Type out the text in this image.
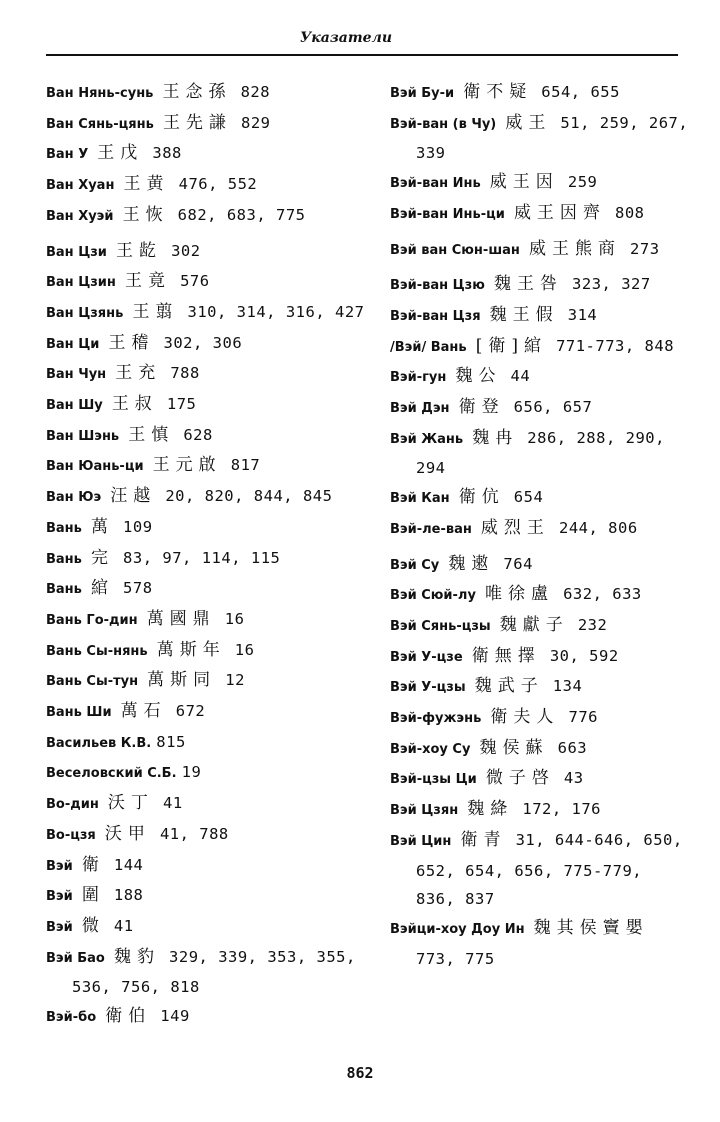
Указатели
Ван Нянь-сунь 王念孫 828
Ван Сянь-цянь 王先謙 829
Ван У 王戊 388
Ван Хуан 王黄 476, 552
Ван Хуэй 王恢 682, 683, 775
Ван Цзи 王龁 302
Ван Цзин 王竟 576
Ван Цзянь 王翦 310, 314, 316, 427
Ван Ци 王稽 302, 306
Ван Чун 王充 788
Ван Шу 王叔 175
Ван Шэнь 王慎 628
Ван Юань-ци 王元啟 817
Ван Юэ 汪越 20, 820, 844, 845
Вань 萬 109
Вань 完 83, 97, 114, 115
Вань 綰 578
Вань Го-дин 萬國鼎 16
Вань Сы-нянь 萬斯年 16
Вань Сы-тун 萬斯同 12
Вань Ши 萬石 672
Васильев К.В. 815
Веселовский С.Б. 19
Во-дин 沃丁 41
Во-цзя 沃甲 41, 788
Вэй 衛 144
Вэй 圍 188
Вэй 微 41
Вэй Бао 魏豹 329, 339, 353, 355, 536, 756, 818
Вэй-бо 衛伯 149
Вэй Бу-и 衛不疑 654, 655
Вэй-ван (в Чу) 威王 51, 259, 267, 339
Вэй-ван Инь 威王因 259
Вэй-ван Инь-ци 威王因齊 808
Вэй ван Сюн-шан 威王熊商 273
Вэй-ван Цзю 魏王咎 323, 327
Вэй-ван Цзя 魏王假 314
/Вэй/ Вань [衛]綰 771-773, 848
Вэй-гун 魏公 44
Вэй Дэн 衛登 656, 657
Вэй Жань 魏冉 286, 288, 290, 294
Вэй Кан 衛伉 654
Вэй-ле-ван 威烈王 244, 806
Вэй Су 魏遫 764
Вэй Сюй-лу 唯徐盧 632, 633
Вэй Сянь-цзы 魏獻子 232
Вэй У-цзе 衛無擇 30, 592
Вэй У-цзы 魏武子 134
Вэй-фужэнь 衛夫人 776
Вэй-хоу Су 魏侯蘇 663
Вэй-цзы Ци 微子啓 43
Вэй Цзян 魏絳 172, 176
Вэй Цин 衛青 31, 644-646, 650, 652, 654, 656, 775-779, 836, 837
Вэйци-хоу Доу Ин 魏其侯竇嬰 773, 775
862
